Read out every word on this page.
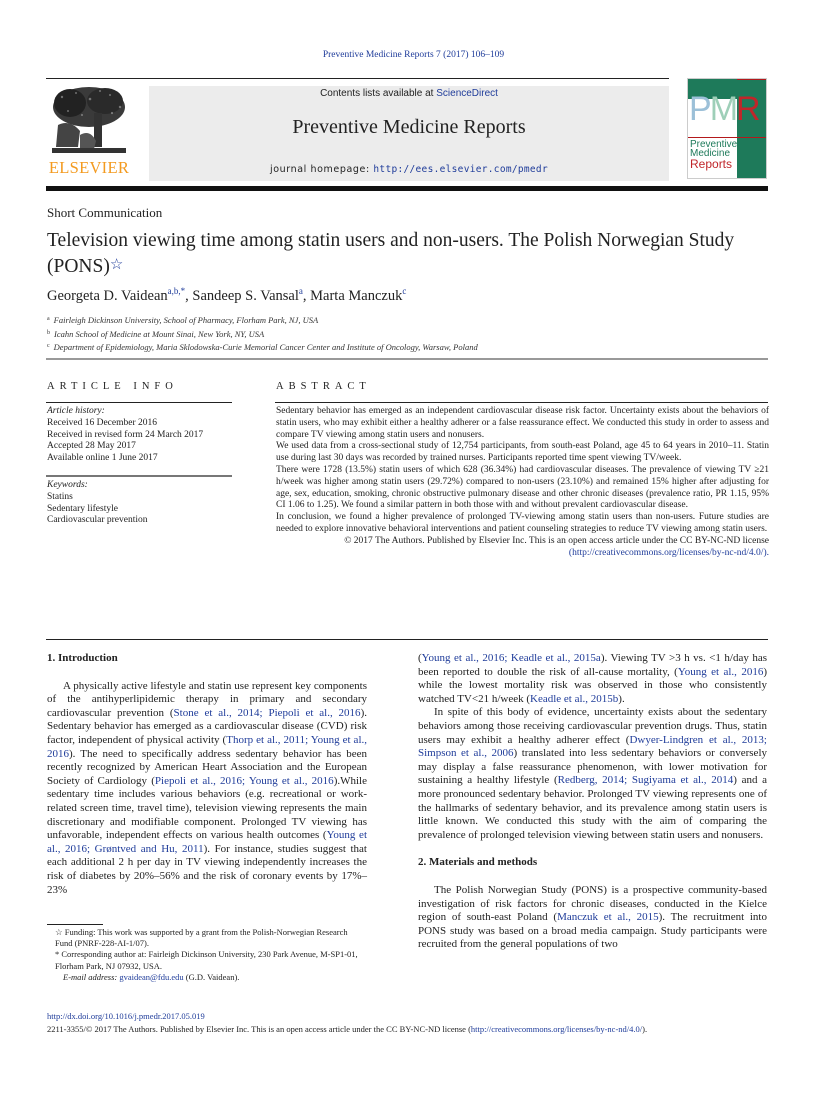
Preventive Medicine Reports 7 (2017) 106–109
ELSEVIER
Contents lists available at ScienceDirect
Preventive Medicine Reports
journal homepage: http://ees.elsevier.com/pmedr
PM R
Preventive
Medicine
Reports
Short Communication
Television viewing time among statin users and non-users. The Polish Norwegian Study (PONS)☆
Georgeta D. Vaidean$^{a,b,*}$, Sandeep S. Vansal$^a$, Marta Manczuk$^c$
$^a$ Fairleigh Dickinson University, School of Pharmacy, Florham Park, NJ, USA
$^b$ Icahn School of Medicine at Mount Sinai, New York, NY, USA
$^c$ Department of Epidemiology, Maria Sklodowska-Curie Memorial Cancer Center and Institute of Oncology, Warsaw, Poland
ARTICLE INFO	ABSTRACT
Article history:
Received 16 December 2016
Received in revised form 24 March 2017
Accepted 28 May 2017
Available online 1 June 2017
Keywords:
Statins
Sedentary lifestyle
Cardiovascular prevention

Sedentary behavior has emerged as an independent cardiovascular disease risk factor. Uncertainty exists about the behaviors of statin users, who may exhibit either a healthy adherer or a false reassurance effect. We conducted this study in order to assess and compare TV viewing among statin users and nonusers.

We used data from a cross-sectional study of 12,754 participants, from south-east Poland, age 45 to 64 years in 2010–11. Statin use during last 30 days was recorded by trained nurses. Participants reported time spent viewing TV/week.

There were 1728 (13.5%) statin users of which 628 (36.34%) had cardiovascular diseases. The prevalence of viewing TV ≥21 h/week was higher among statin users (29.72%) compared to non-users (23.10%) and remained 15% higher after adjusting for age, sex, education, smoking, chronic obstructive pulmonary disease and other chronic diseases (prevalence ratio, PR 1.15, 95% CI 1.06 to 1.25). We found a similar pattern in both those with and without prevalent cardiovascular disease.

In conclusion, we found a higher prevalence of prolonged TV-viewing among statin users than non-users. Future studies are needed to explore innovative behavioral interventions and patient counseling strategies to reduce TV viewing among statin users.

© 2017 The Authors. Published by Elsevier Inc. This is an open access article under the CC BY-NC-ND license
(http://creativecommons.org/licenses/by-nc-nd/4.0/).

1. Introduction

A physically active lifestyle and statin use represent key components of the antihyperlipidemic therapy in primary and secondary cardiovascular prevention (Stone et al., 2014; Piepoli et al., 2016). Sedentary behavior has emerged as a cardiovascular disease (CVD) risk factor, independent of physical activity (Thorp et al., 2011; Young et al., 2016). The need to specifically address sedentary behavior has been recently recognized by American Heart Association and the European Society of Cardiology (Piepoli et al., 2016; Young et al., 2016).While sedentary time includes various behaviors (e.g. recreational or work-related screen time, travel time), television viewing represents the main discretionary and modifiable component. Prolonged TV viewing has unfavorable, independent effects on various health outcomes (Young et al., 2016; Grøntved and Hu, 2011). For instance, studies suggest that each additional 2 h per day in TV viewing independently increases the risk of diabetes by 20%–56% and the risk of coronary events by 17%–23%

(Young et al., 2016; Keadle et al., 2015a). Viewing TV >3 h vs. <1 h/day has been reported to double the risk of all-cause mortality, (Young et al., 2016) while the lowest mortality risk was observed in those who consistently watched TV<21 h/week (Keadle et al., 2015b).

In spite of this body of evidence, uncertainty exists about the sedentary behaviors among those receiving cardiovascular prevention drugs. Thus, statin users may exhibit a healthy adherer effect (Dwyer-Lindgren et al., 2013; Simpson et al., 2006) translated into less sedentary behaviors or conversely may display a false reassurance phenomenon, with lower motivation for sustaining a healthy lifestyle (Redberg, 2014; Sugiyama et al., 2014) and a more pronounced sedentary behavior. Prolonged TV viewing represents one of the hallmarks of sedentary behavior, and its prevalence among statin users is little known. We conducted this study with the aim of comparing the prevalence of prolonged television viewing between statin users and nonusers.

2. Materials and methods

The Polish Norwegian Study (PONS) is a prospective community-based investigation of risk factors for chronic diseases, conducted in the Kielce region of south-east Poland (Manczuk et al., 2015). The recruitment into PONS study was based on a broad media campaign. Study participants were recruited from the general populations of two

☆ Funding: This work was supported by a grant from the Polish-Norwegian Research Fund (PNRF-228-AI-1/07).
* Corresponding author at: Fairleigh Dickinson University, 230 Park Avenue, M-SP1-01, Florham Park, NJ 07932, USA.
E-mail address: gvaidean@fdu.edu (G.D. Vaidean).
http://dx.doi.org/10.1016/j.pmedr.2017.05.019
2211-3355/© 2017 The Authors. Published by Elsevier Inc. This is an open access article under the CC BY-NC-ND license (http://creativecommons.org/licenses/by-nc-nd/4.0/).
